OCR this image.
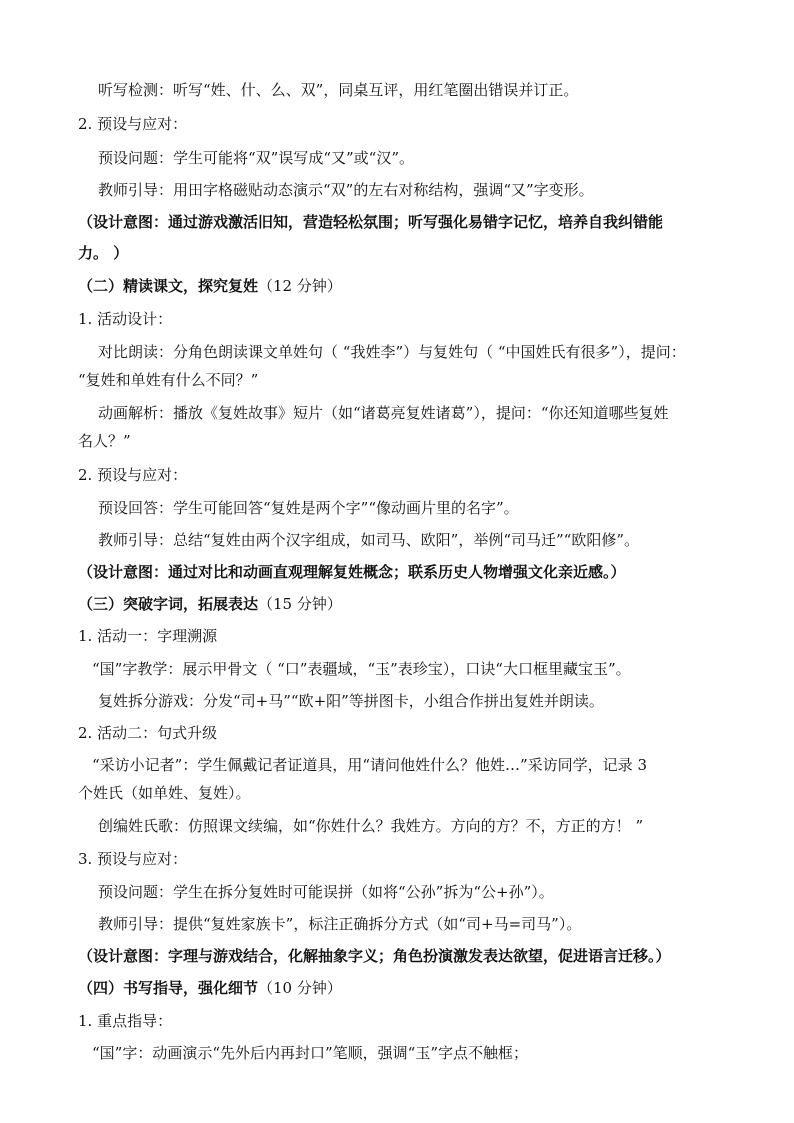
听写检测：听写“姓、什、么、双”，同桌互评，用红笔圈出错误并订正。
2. 预设与应对：
预设问题：学生可能将“双”误写成“又”或“汉”。
教师引导：用田字格磁贴动态演示“双”的左右对称结构，强调“又”字变形。
（设计意图：通过游戏激活旧知，营造轻松氛围；听写强化易错字记忆，培养自我纠错能
力。 ）
（二）精读课文，探究复姓（12 分钟）
1. 活动设计：
对比朗读：分角色朗读课文单姓句（ “我姓李”）与复姓句（ “中国姓氏有很多”），提问：
“复姓和单姓有什么不同？”
动画解析：播放《复姓故事》短片（如“诸葛亮复姓诸葛”），提问：“你还知道哪些复姓
名人？”
2. 预设与应对：
预设回答：学生可能回答“复姓是两个字”“像动画片里的名字”。
教师引导：总结“复姓由两个汉字组成，如司马、欧阳”，举例“司马迁”“欧阳修”。
（设计意图：通过对比和动画直观理解复姓概念；联系历史人物增强文化亲近感。）
（三）突破字词，拓展表达（15 分钟）
1. 活动一：字理溯源
“国”字教学：展示甲骨文（ “口”表疆域，“玉”表珍宝），口诀“大口框里藏宝玉”。
复姓拆分游戏：分发“司+马”“欧+阳”等拼图卡，小组合作拼出复姓并朗读。
2. 活动二：句式升级
“采访小记者”：学生佩戴记者证道具，用“请问他姓什么？他姓…”采访同学，记录 3
个姓氏（如单姓、复姓）。
创编姓氏歌：仿照课文续编，如“你姓什么？我姓方。方向的方？不，方正的方！ ”
3. 预设与应对：
预设问题：学生在拆分复姓时可能误拼（如将“公孙”拆为“公+孙”）。
教师引导：提供“复姓家族卡”，标注正确拆分方式（如“司+马=司马”）。
（设计意图：字理与游戏结合，化解抽象字义；角色扮演激发表达欲望，促进语言迁移。）
（四）书写指导，强化细节（10 分钟）
1. 重点指导：
“国”字：动画演示“先外后内再封口”笔顺，强调“玉”字点不触框；
